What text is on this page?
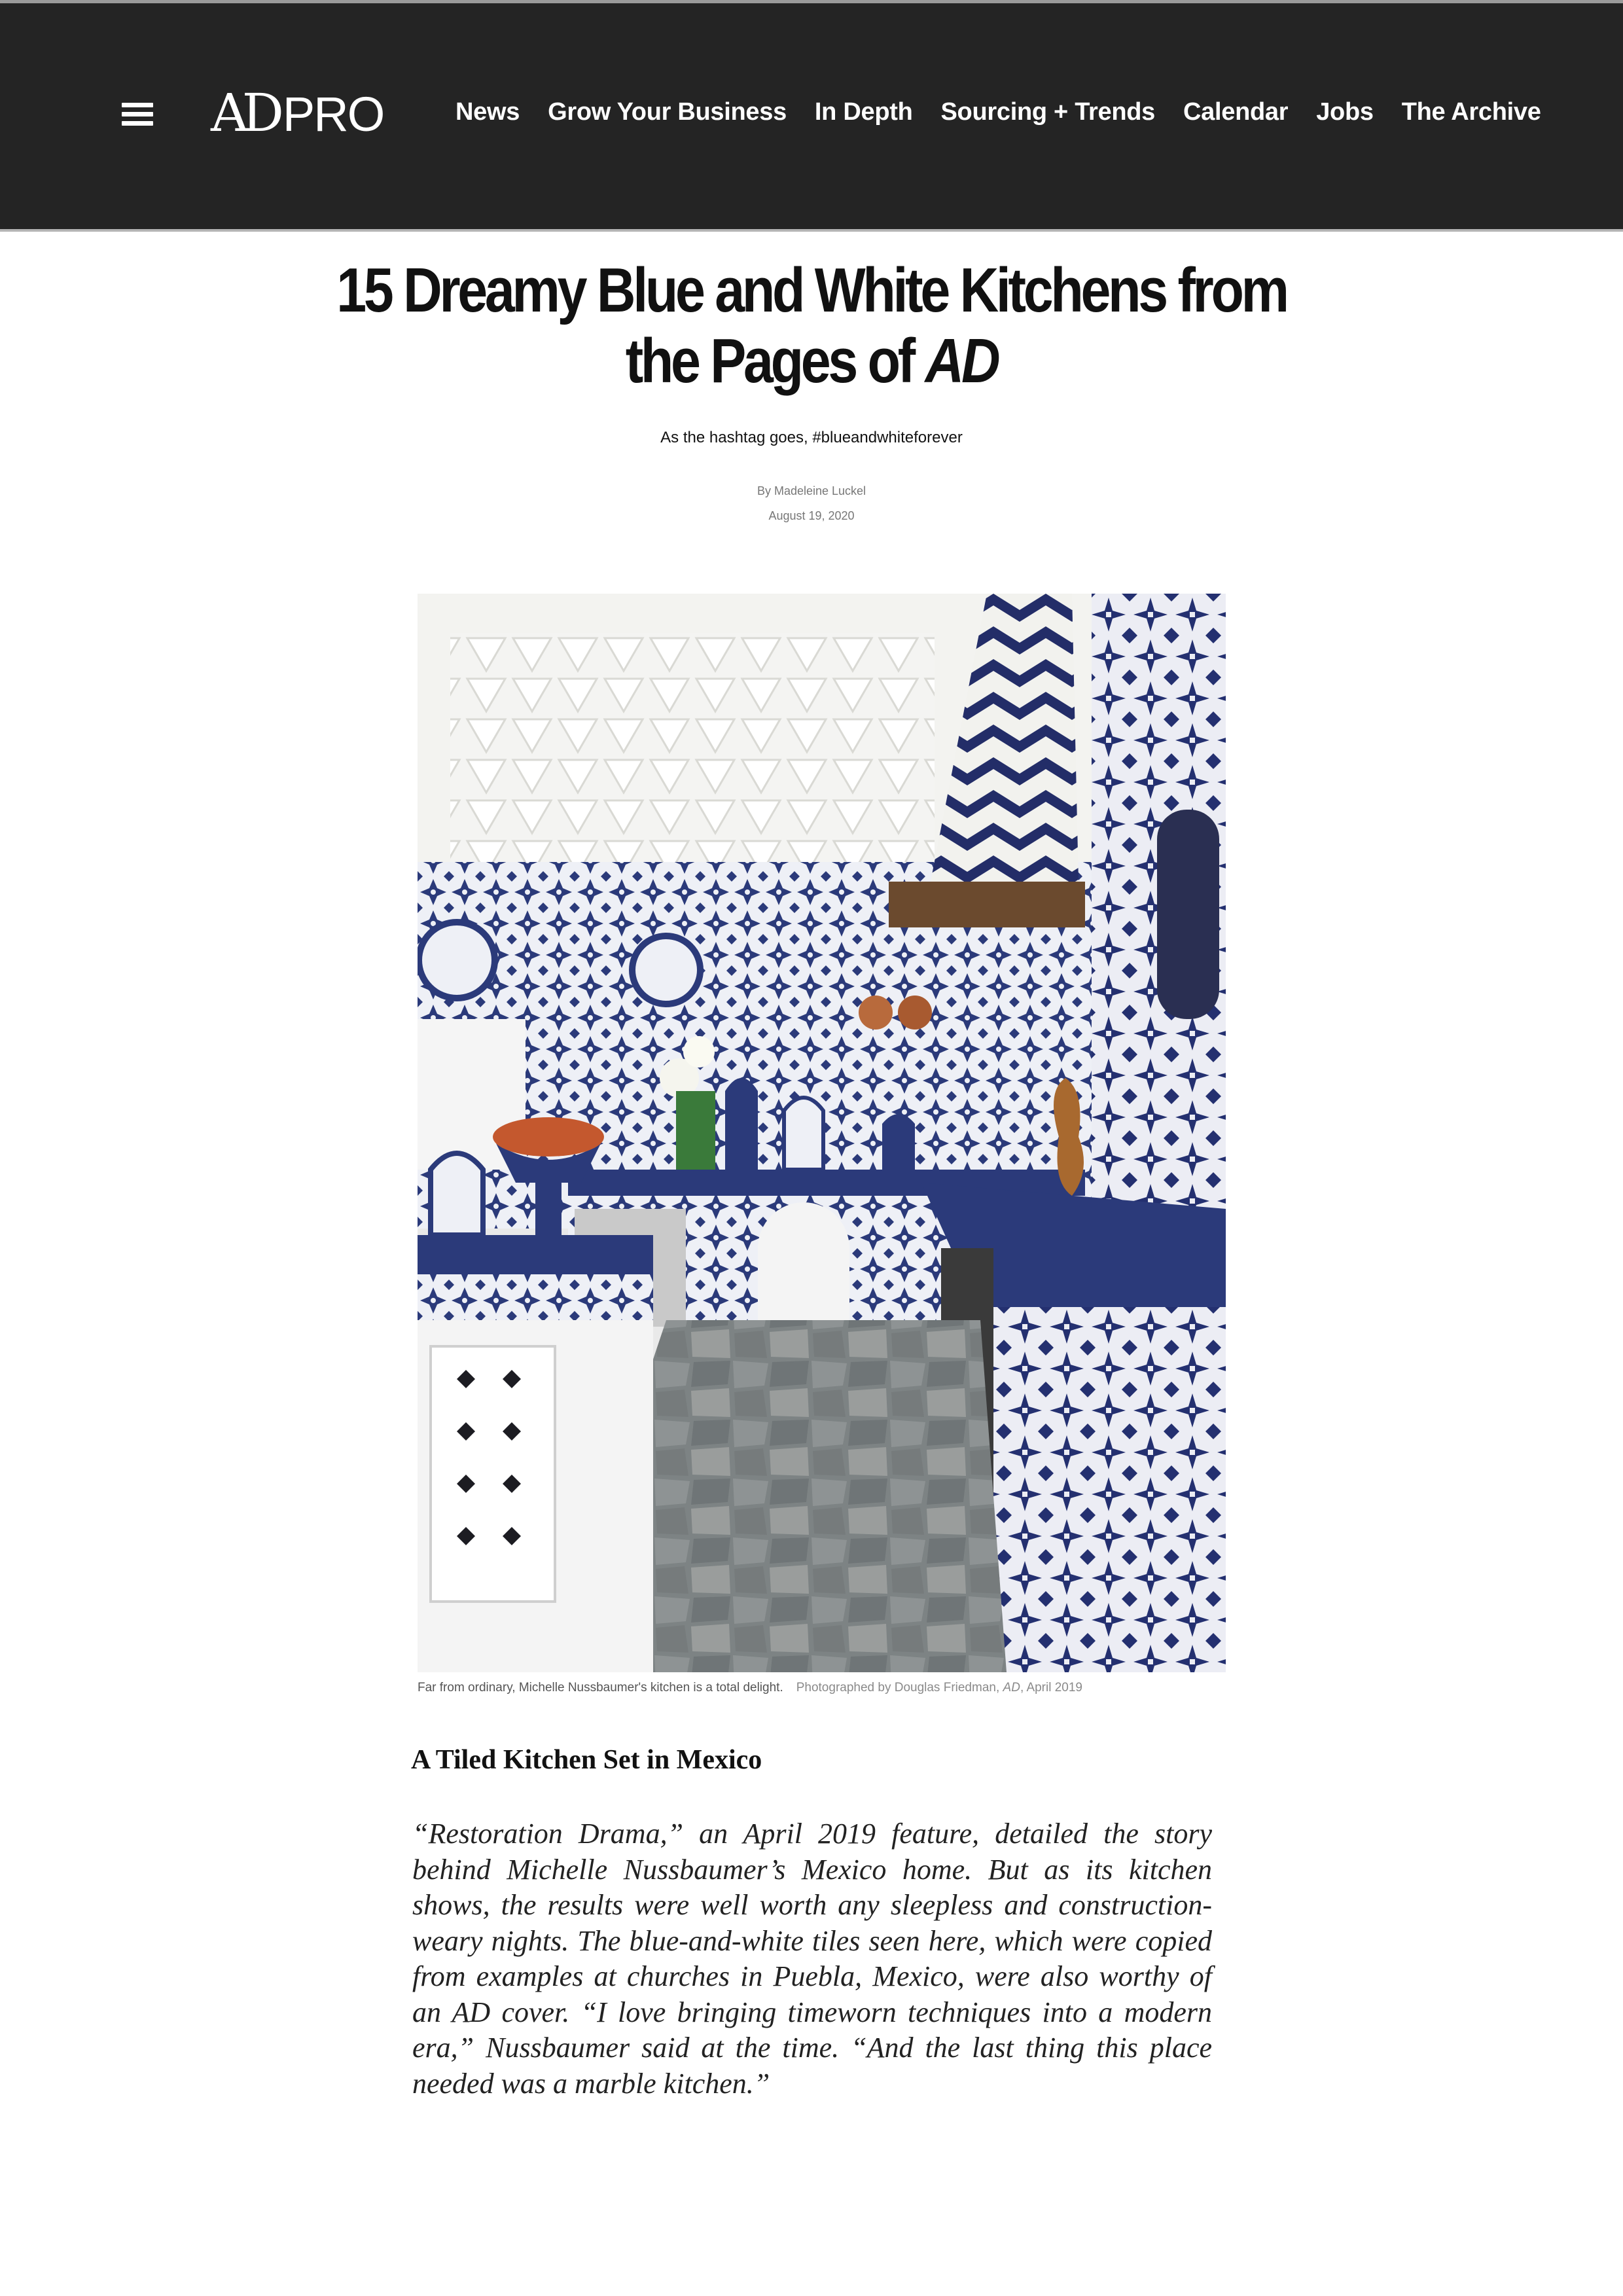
AD PRO	News Grow Your Business In Depth Sourcing + Trends Calendar Jobs The Archive
15 Dreamy Blue and White Kitchens from
the Pages of AD
As the hashtag goes, #blueandwhiteforever
By Madeleine Luckel
August 19, 2020
Far from ordinary, Michelle Nussbaumer's kitchen is a total delight. Photographed by Douglas Friedman, AD, April 2019
A Tiled Kitchen Set in Mexico

“Restoration Drama,” an April 2019 feature, detailed the story behind Michelle Nussbaumer’s Mexico home. But as its kitchen shows, the results were well worth any sleepless and construction-weary nights. The blue-and-white tiles seen here, which were copied from examples at churches in Puebla, Mexico, were also worthy of an AD cover. “I love bringing timeworn techniques into a modern era,” Nussbaumer said at the time. “And the last thing this place needed was a marble kitchen.”
